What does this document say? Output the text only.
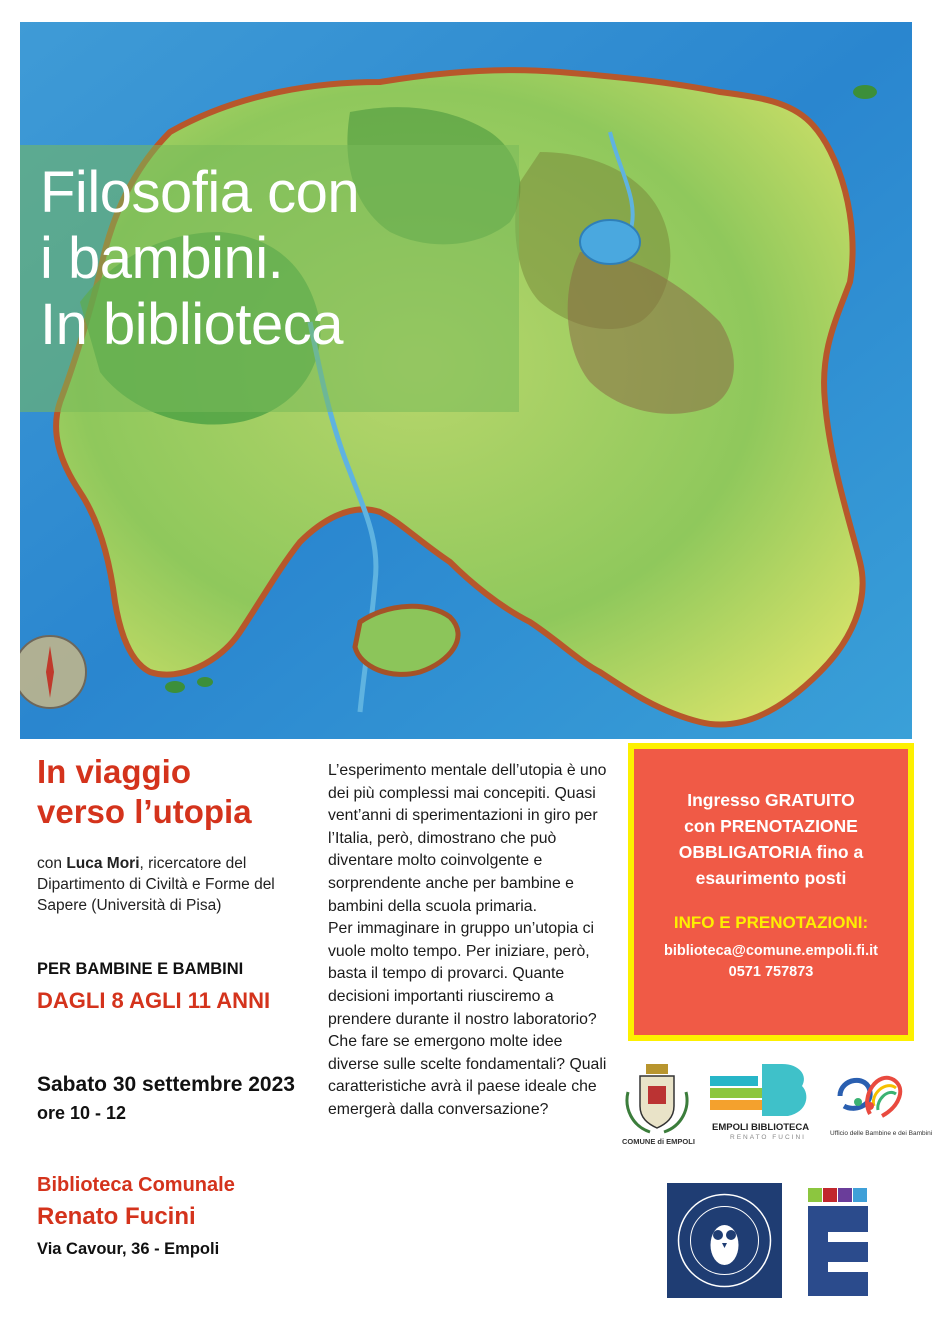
Filosofia con
i bambini.
In biblioteca
In viaggio
verso l’utopia
con Luca Mori, ricercatore del Dipartimento di Civiltà e Forme del Sapere (Università di Pisa)
PER BAMBINE E BAMBINI
DAGLI 8 AGLI 11 ANNI
Sabato 30 settembre 2023
ore 10 - 12
Biblioteca Comunale
Renato Fucini
Via Cavour, 36 - Empoli

L’esperimento mentale dell’utopia è uno dei più complessi mai concepiti. Quasi vent’anni di sperimentazioni in giro per l’Italia, però, dimostrano che può diventare molto coinvolgente e sorprendente anche per bambine e bambini della scuola primaria.
Per immaginare in gruppo un’utopia ci vuole molto tempo. Per iniziare, però, basta il tempo di provarci. Quante decisioni importanti riusciremo a prendere durante il nostro laboratorio? Che fare se emergono molte idee diverse sulle scelte fondamentali? Quali caratteristiche avrà il paese ideale che emergerà dalla conversazione?

Ingresso GRATUITO
con PRENOTAZIONE
OBBLIGATORIA fino a
esaurimento posti

INFO E PRENOTAZIONI:
biblioteca@comune.empoli.fi.it
0571 757873
COMUNE di EMPOLI
EMPOLI BIBLIOTECA
RENATO FUCINI
Ufficio delle Bambine e dei Bambini
